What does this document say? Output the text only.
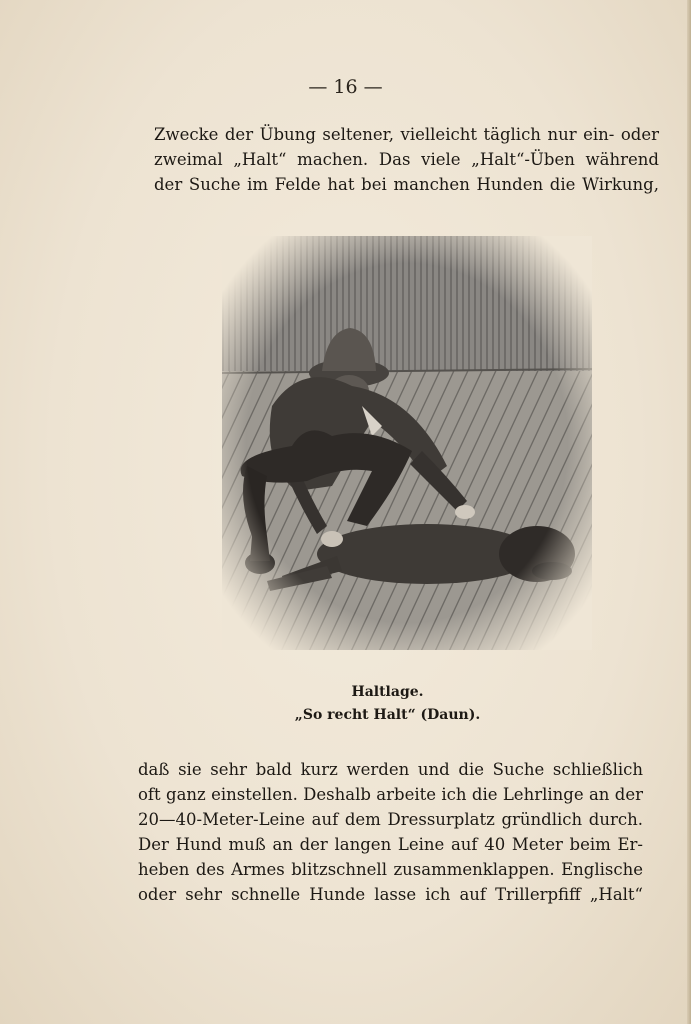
— 16 —
Zwecke der Übung seltener, vielleicht täglich nur ein- oder
zweimal „Halt“ machen. Das viele „Halt“-Üben während
der Suche im Felde hat bei manchen Hunden die Wirkung,
Haltlage.
„So recht Halt“ (Daun).
daß sie sehr bald kurz werden und die Suche schließlich
oft ganz einstellen. Deshalb arbeite ich die Lehrlinge an der
20—40-Meter-Leine auf dem Dressurplatz gründlich durch.
Der Hund muß an der langen Leine auf 40 Meter beim Er-
heben des Armes blitzschnell zusammenklappen. Englische
oder sehr schnelle Hunde lasse ich auf Trillerpfiff „Halt“
